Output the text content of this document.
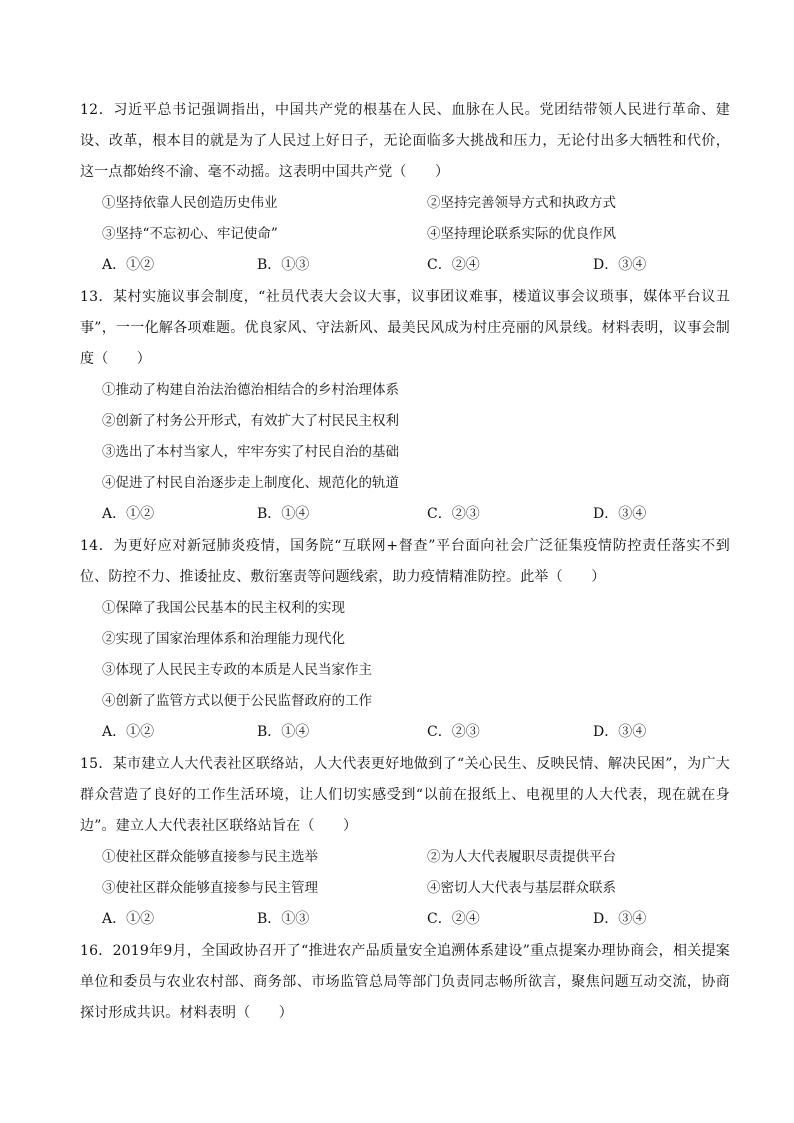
12．习近平总书记强调指出，中国共产党的根基在人民、血脉在人民。党团结带领人民进行革命、建设、改革，根本目的就是为了人民过上好日子，无论面临多大挑战和压力，无论付出多大牺牲和代价，这一点都始终不渝、毫不动摇。这表明中国共产党（　　）

①坚持依靠人民创造历史伟业	②坚持完善领导方式和执政方式
③坚持“不忘初心、牢记使命”	④坚持理论联系实际的优良作风
A．①②	B．①③	C．②④	D．③④

13．某村实施议事会制度，“社员代表大会议大事，议事团议难事，楼道议事会议琐事，媒体平台议丑事”，一一化解各项难题。优良家风、守法新风、最美民风成为村庄亮丽的风景线。材料表明，议事会制度（　　）

①推动了构建自治法治德治相结合的乡村治理体系
②创新了村务公开形式，有效扩大了村民民主权利
③选出了本村当家人，牢牢夯实了村民自治的基础
④促进了村民自治逐步走上制度化、规范化的轨道
A．①②	B．①④	C．②③	D．③④

14．为更好应对新冠肺炎疫情，国务院“互联网+督查”平台面向社会广泛征集疫情防控责任落实不到位、防控不力、推诿扯皮、敷衍塞责等问题线索，助力疫情精准防控。此举（　　）

①保障了我国公民基本的民主权利的实现
②实现了国家治理体系和治理能力现代化
③体现了人民民主专政的本质是人民当家作主
④创新了监管方式以便于公民监督政府的工作
A．①②	B．①④	C．②③	D．③④

15．某市建立人大代表社区联络站，人大代表更好地做到了“关心民生、反映民情、解决民困”，为广大群众营造了良好的工作生活环境，让人们切实感受到“以前在报纸上、电视里的人大代表，现在就在身边”。建立人大代表社区联络站旨在（　　）

①使社区群众能够直接参与民主选举	②为人大代表履职尽责提供平台
③使社区群众能够直接参与民主管理	④密切人大代表与基层群众联系
A．①②	B．①③	C．②④	D．③④

16．2019年9月，全国政协召开了“推进农产品质量安全追溯体系建设”重点提案办理协商会，相关提案单位和委员与农业农村部、商务部、市场监管总局等部门负责同志畅所欲言，聚焦问题互动交流，协商探讨形成共识。材料表明（　　）
